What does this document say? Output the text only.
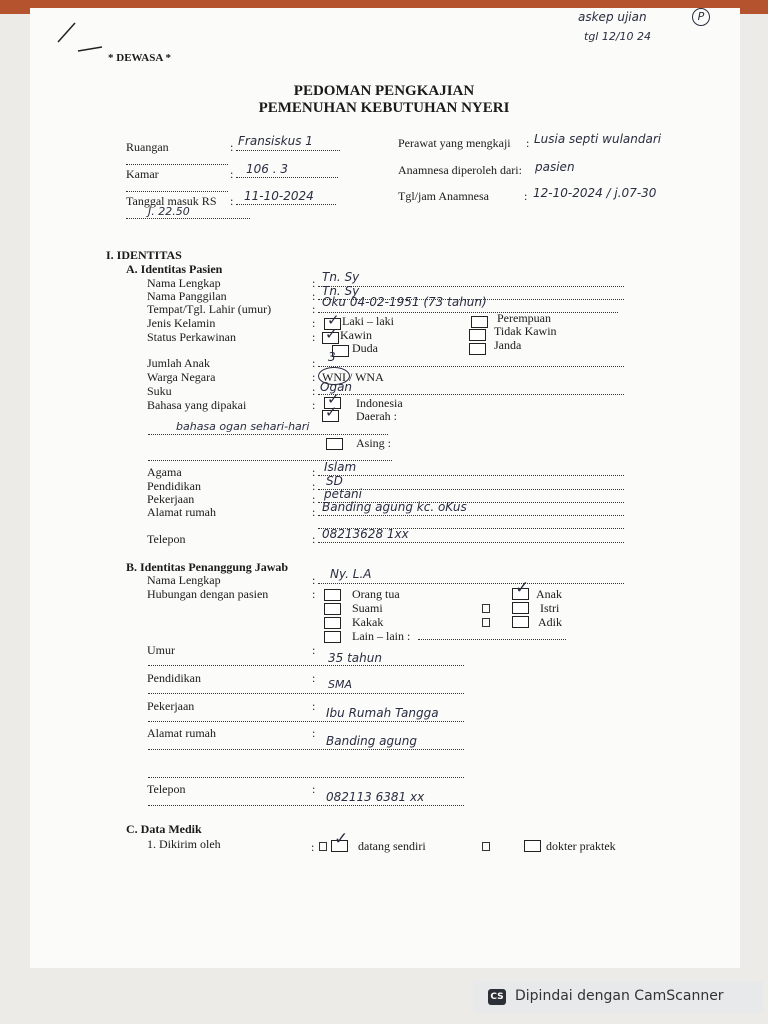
* DEWASA *
askep ujian
tgl 12/10 24
P
PEDOMAN PENGKAJIAN
PEMENUHAN KEBUTUHAN NYERI
Ruangan	: Fransiskus 1
Kamar	: 106 . 3
Tanggal masuk RS : 11-10-2024
J. 22.50
Perawat yang mengkaji : Lusia septi wulandari
Anamnesa diperoleh dari: pasien
Tgl/jam Anamnesa	: 12-10-2024 / j.07-30
I. IDENTITAS
A. Identitas Pasien
Nama Lengkap	: Tn. Sy
Nama Panggilan	: Tn. Sy
Tempat/Tgl. Lahir (umur)	: Oku 04-02-1951 (73 tahun)
Jenis Kelamin	: ✓ Laki – laki	Perempuan
Status Perkawinan	: ✓ Kawin	Tidak Kawin
Duda	Janda
Jumlah Anak	: 3
Warga Negara	: WNI / WNA
Suku	: Ogan
Bahasa yang dipakai	: ✓ Indonesia
✓ Daerah :
bahasa ogan sehari-hari
Asing :
Agama	: Islam
Pendidikan	: SD
Pekerjaan	: petani
Alamat rumah	: Banding agung kc. oKus
Telepon	: 08213628 1xx
B. Identitas Penanggung Jawab
Nama Lengkap	: Ny. L.A
Hubungan dengan pasien	:	Orang tua	✓ Anak
Suami	Istri
Kakak	Adik
Lain – lain :
Umur	:
35 tahun
Pendidikan	: SMA
Pekerjaan	: Ibu Rumah Tangga
Alamat rumah	:
Banding agung
Telepon	:
082113 6381 xx
C. Data Medik
1. Dikirim oleh	: ✓ datang sendiri	dokter praktek
CS Dipindai dengan CamScanner
